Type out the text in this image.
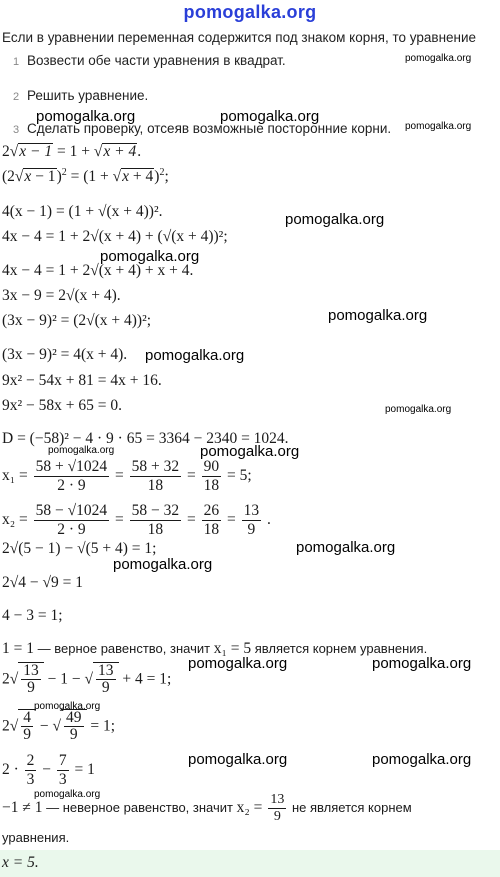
pomogalka.org
Если в уравнении переменная содержится под знаком корня, то уравнение
1 Возвести обе части уравнения в квадрат.
2 Решить уравнение.
3 Сделать проверку, отсеяв возможные посторонние корни.
pomogalka.org
pomogalka.org	pomogalka.org
pomogalka.org
pomogalka.org
pomogalka.org
pomogalka.org
pomogalka.org
pomogalka.org
pomogalka.org
pomogalka.org
pomogalka.org
pomogalka.org
pomogalka.org	pomogalka.org
pomogalka.org
pomogalka.org	pomogalka.org
pomogalka.org
2√x − 1 = 1 + √x + 4.
$(2√x - 1)^2 = (1 + √x + 4)^2$;
4(x − 1) = (1 + √(x + 4))².
4x − 4 = 1 + 2√(x + 4) + (√(x + 4))²;
4x − 4 = 1 + 2√(x + 4) + x + 4.
3x − 9 = 2√(x + 4).
(3x − 9)² = (2√(x + 4))²;
(3x − 9)² = 4(x + 4).
9x² − 54x + 81 = 4x + 16.
9x² − 58x + 65 = 0.
D = (−58)² − 4 · 9 · 65 = 3364 − 2340 = 1024.
$x_1 = \frac{58 + √1024}{2 \cdot 9} = \frac{58 + 32}{18} = \frac{90}{18} = 5$;
$x_2 = \frac{58 - √1024}{2 \cdot 9} = \frac{58 - 32}{18} = \frac{26}{18} = \frac{13}{9}$ .
2√(5 − 1) − √(5 + 4) = 1;
2√4 − √9 = 1
4 − 3 = 1;
1 = 1 — верное равенство, значит x₁ = 5 является корнем уравнения.
$2√ \frac{13}{9} - 1$ − √ $\frac{13}{9} + 4 = 1$;
$2√ \frac{4}{9}$ − √ $\frac{49}{9} = 1$;
$2 \cdot \frac{2}{3} - \frac{7}{3} = 1$
−1 ≠ 1 — неверное равенство, значит $x_2 = \frac{13}{9}$ не является корнем
уравнения.
x = 5.
